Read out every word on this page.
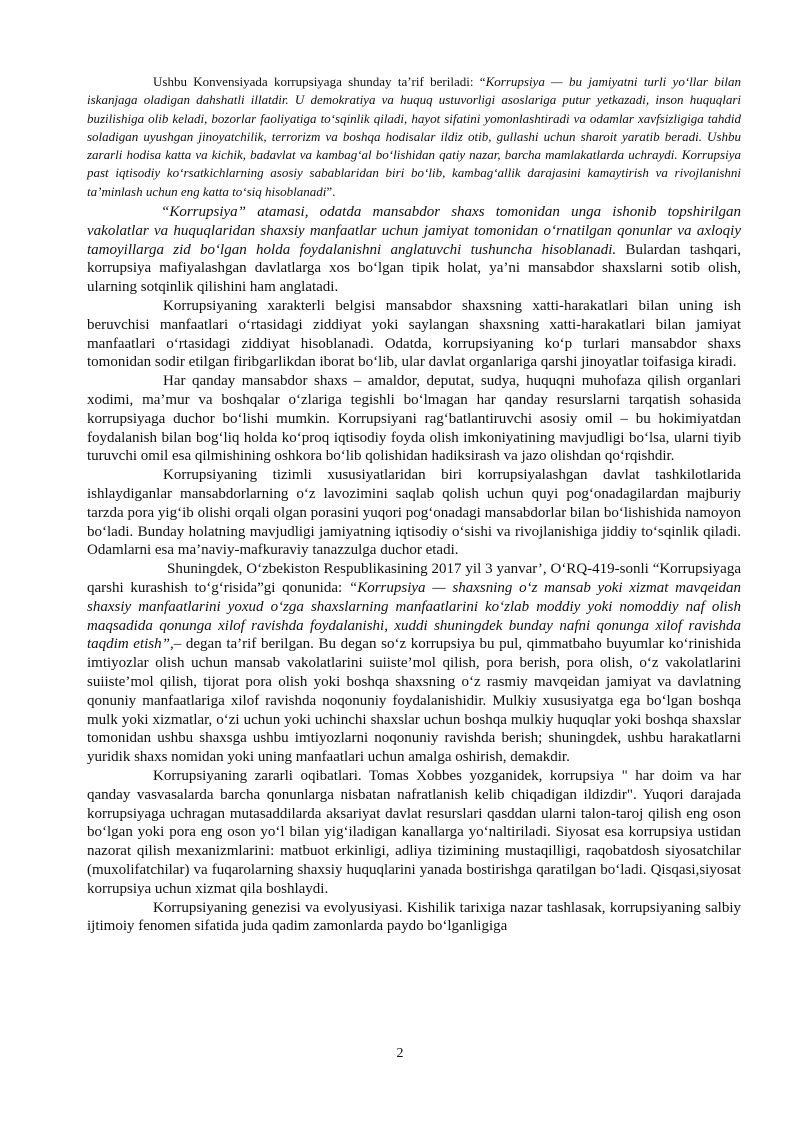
Ushbu Konvensiyada korrupsiyaga shunday ta’rif beriladi: “Korrupsiya — bu jamiyatni turli yo‘llar bilan iskanjaga oladigan dahshatli illatdir. U demokratiya va huquq ustuvorligi asoslariga putur yetkazadi, inson huquqlari buzilishiga olib keladi, bozorlar faoliyatiga to‘sqinlik qiladi, hayot sifatini yomonlashtiradi va odamlar xavfsizligiga tahdid soladigan uyushgan jinoyatchilik, terrorizm va boshqa hodisalar ildiz otib, gullashi uchun sharoit yaratib beradi. Ushbu zararli hodisa katta va kichik, badavlat va kambag‘al bo‘lishidan qatiy nazar, barcha mamlakatlarda uchraydi. Korrupsiya past iqtisodiy ko‘rsatkichlarning asosiy sabablaridan biri bo‘lib, kambag‘allik darajasini kamaytirish va rivojlanishni ta’minlash uchun eng katta to‘siq hisoblanadi”.

“Korrupsiya” atamasi, odatda mansabdor shaxs tomonidan unga ishonib topshirilgan vakolatlar va huquqlaridan shaxsiy manfaatlar uchun jamiyat tomonidan o‘rnatilgan qonunlar va axloqiy tamoyillarga zid bo‘lgan holda foydalanishni anglatuvchi tushuncha hisoblanadi. Bulardan tashqari, korrupsiya mafiyalashgan davlatlarga xos bo‘lgan tipik holat, ya’ni mansabdor shaxslarni sotib olish, ularning sotqinlik qilishini ham anglatadi.

Korrupsiyaning xarakterli belgisi mansabdor shaxsning xatti-harakatlari bilan uning ish beruvchisi manfaatlari o‘rtasidagi ziddiyat yoki saylangan shaxsning xatti-harakatlari bilan jamiyat manfaatlari o‘rtasidagi ziddiyat hisoblanadi. Odatda, korrupsiyaning ko‘p turlari mansabdor shaxs tomonidan sodir etilgan firibgarlikdan iborat bo‘lib, ular davlat organlariga qarshi jinoyatlar toifasiga kiradi.

Har qanday mansabdor shaxs – amaldor, deputat, sudya, huquqni muhofaza qilish organlari xodimi, ma’mur va boshqalar o‘zlariga tegishli bo‘lmagan har qanday resurslarni tarqatish sohasida korrupsiyaga duchor bo‘lishi mumkin. Korrupsiyani rag‘batlantiruvchi asosiy omil – bu hokimiyatdan foydalanish bilan bog‘liq holda ko‘proq iqtisodiy foyda olish imkoniyatining mavjudligi bo‘lsa, ularni tiyib turuvchi omil esa qilmishining oshkora bo‘lib qolishidan hadiksirash va jazo olishdan qo‘rqishdir.

Korrupsiyaning tizimli xususiyatlaridan biri korrupsiyalashgan davlat tashkilotlarida ishlaydiganlar mansabdorlarning o‘z lavozimini saqlab qolish uchun quyi pog‘onadagilardan majburiy tarzda pora yig‘ib olishi orqali olgan porasini yuqori pog‘onadagi mansabdorlar bilan bo‘lishishida namoyon bo‘ladi. Bunday holatning mavjudligi jamiyatning iqtisodiy o‘sishi va rivojlanishiga jiddiy to‘sqinlik qiladi. Odamlarni esa ma’naviy-mafkuraviy tanazzulga duchor etadi.

Shuningdek, O‘zbekiston Respublikasining 2017 yil 3 yanvar’, O‘RQ-419-sonli “Korrupsiyaga qarshi kurashish to‘g‘risida”gi qonunida: “Korrupsiya — shaxsning o‘z mansab yoki xizmat mavqeidan shaxsiy manfaatlarini yoxud o‘zga shaxslarning manfaatlarini ko‘zlab moddiy yoki nomoddiy naf olish maqsadida qonunga xilof ravishda foydalanishi, xuddi shuningdek bunday nafni qonunga xilof ravishda taqdim etish”,– degan ta’rif berilgan. Bu degan so‘z korrupsiya bu pul, qimmatbaho buyumlar ko‘rinishida imtiyozlar olish uchun mansab vakolatlarini suiiste’mol qilish, pora berish, pora olish, o‘z vakolatlarini suiiste’mol qilish, tijorat pora olish yoki boshqa shaxsning o‘z rasmiy mavqeidan jamiyat va davlatning qonuniy manfaatlariga xilof ravishda noqonuniy foydalanishidir. Mulkiy xususiyatga ega bo‘lgan boshqa mulk yoki xizmatlar, o‘zi uchun yoki uchinchi shaxslar uchun boshqa mulkiy huquqlar yoki boshqa shaxslar tomonidan ushbu shaxsga ushbu imtiyozlarni noqonuniy ravishda berish; shuningdek, ushbu harakatlarni yuridik shaxs nomidan yoki uning manfaatlari uchun amalga oshirish, demakdir.

Korrupsiyaning zararli oqibatlari. Tomas Xobbes yozganidek, korrupsiya " har doim va har qanday vasvasalarda barcha qonunlarga nisbatan nafratlanish kelib chiqadigan ildizdir". Yuqori darajada korrupsiyaga uchragan mutasaddilarda aksariyat davlat resurslari qasddan ularni talon-taroj qilish eng oson bo‘lgan yoki pora eng oson yo‘l bilan yig‘iladigan kanallarga yo‘naltiriladi. Siyosat esa korrupsiya ustidan nazorat qilish mexanizmlarini: matbuot erkinligi, adliya tizimining mustaqilligi, raqobatdosh siyosatchilar (muxolifatchilar) va fuqarolarning shaxsiy huquqlarini yanada bostirishga qaratilgan bo‘ladi. Qisqasi,siyosat korrupsiya uchun xizmat qila boshlaydi.

Korrupsiyaning genezisi va evolyusiyasi. Kishilik tarixiga nazar tashlasak, korrupsiyaning salbiy ijtimoiy fenomen sifatida juda qadim zamonlarda paydo bo‘lganligiga

2
